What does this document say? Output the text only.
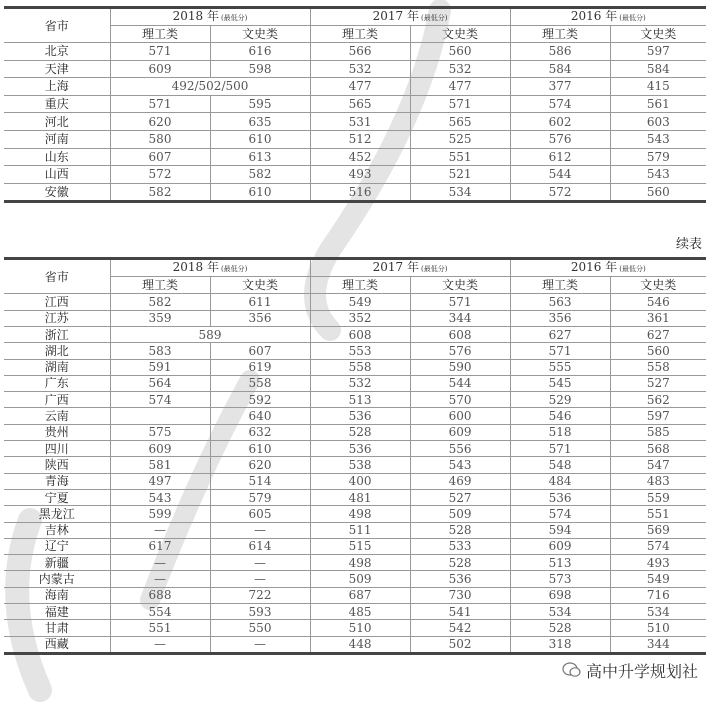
省市	2018 年 (最低分)		2017 年 (最低分)		2016 年 (最低分)	
	理工类	文史类	理工类	文史类	理工类	文史类
北京	571	616	566	560	586	597
天津	609	598	532	532	584	584
上海	492/502/500		477	477	377	415
重庆	571	595	565	571	574	561
河北	620	635	531	565	602	603
河南	580	610	512	525	576	543
山东	607	613	452	551	612	579
山西	572	582	493	521	544	543
安徽	582	610	516	534	572	560
续表
省市	2018 年 (最低分)		2017 年 (最低分)		2016 年 (最低分)	
	理工类	文史类	理工类	文史类	理工类	文史类
江西	582	611	549	571	563	546
江苏	359	356	352	344	356	361
浙江	589		608	608	627	627
湖北	583	607	553	576	571	560
湖南	591	619	558	590	555	558
广东	564	558	532	544	545	527
广西	574	592	513	570	529	562
云南		640	536	600	546	597
贵州	575	632	528	609	518	585
四川	609	610	536	556	571	568
陕西	581	620	538	543	548	547
青海	497	514	400	469	484	483
宁夏	543	579	481	527	536	559
黑龙江	599	605	498	509	574	551
吉林	—	—	511	528	594	569
辽宁	617	614	515	533	609	574
新疆	—	—	498	528	513	493
内蒙古	—	—	509	536	573	549
海南	688	722	687	730	698	716
福建	554	593	485	541	534	534
甘肃	551	550	510	542	528	510
西藏	—	—	448	502	318	344
高中升学规划社
